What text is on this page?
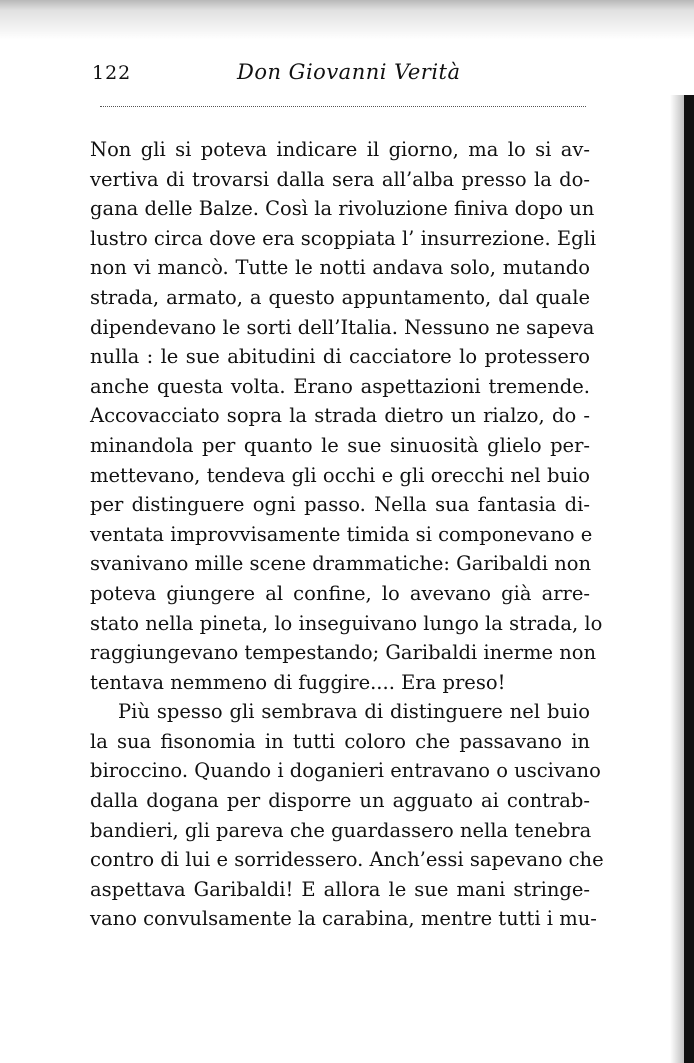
122	Don Giovanni Verità
Non gli si poteva indicare il giorno, ma lo si av-
vertiva di trovarsi dalla sera all’alba presso la do-
gana delle Balze. Così la rivoluzione finiva dopo un
lustro circa dove era scoppiata l’ insurrezione. Egli
non vi mancò. Tutte le notti andava solo, mutando
strada, armato, a questo appuntamento, dal quale
dipendevano le sorti dell’Italia. Nessuno ne sapeva
nulla : le sue abitudini di cacciatore lo protessero
anche questa volta. Erano aspettazioni tremende.
Accovacciato sopra la strada dietro un rialzo, do -
minandola per quanto le sue sinuosità glielo per-
mettevano, tendeva gli occhi e gli orecchi nel buio
per distinguere ogni passo. Nella sua fantasia di-
ventata improvvisamente timida si componevano e
svanivano mille scene drammatiche: Garibaldi non
poteva giungere al confine, lo avevano già arre-
stato nella pineta, lo inseguivano lungo la strada, lo
raggiungevano tempestando; Garibaldi inerme non
tentava nemmeno di fuggire.... Era preso!
Più spesso gli sembrava di distinguere nel buio
la sua fisonomia in tutti coloro che passavano in
biroccino. Quando i doganieri entravano o uscivano
dalla dogana per disporre un agguato ai contrab-
bandieri, gli pareva che guardassero nella tenebra
contro di lui e sorridessero. Anch’essi sapevano che
aspettava Garibaldi! E allora le sue mani stringe-
vano convulsamente la carabina, mentre tutti i mu-
